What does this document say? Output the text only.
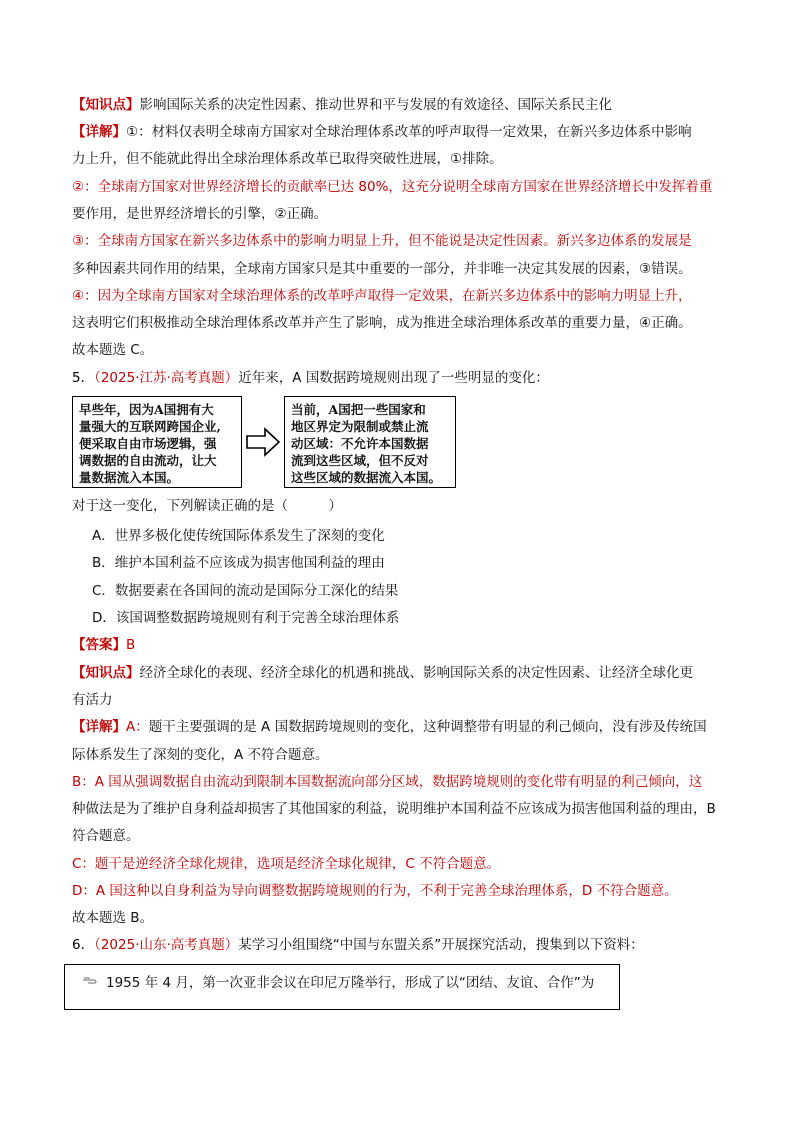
【知识点】影响国际关系的决定性因素、推动世界和平与发展的有效途径、国际关系民主化
【详解】①：材料仅表明全球南方国家对全球治理体系改革的呼声取得一定效果，在新兴多边体系中影响
力上升，但不能就此得出全球治理体系改革已取得突破性进展，①排除。
②：全球南方国家对世界经济增长的贡献率已达 80%，这充分说明全球南方国家在世界经济增长中发挥着重
要作用，是世界经济增长的引擎，②正确。
③：全球南方国家在新兴多边体系中的影响力明显上升，但不能说是决定性因素。新兴多边体系的发展是
多种因素共同作用的结果，全球南方国家只是其中重要的一部分，并非唯一决定其发展的因素，③错误。
④：因为全球南方国家对全球治理体系的改革呼声取得一定效果，在新兴多边体系中的影响力明显上升，
这表明它们积极推动全球治理体系改革并产生了影响，成为推进全球治理体系改革的重要力量，④正确。
故本题选 C。
5．（2025·江苏·高考真题）近年来，A 国数据跨境规则出现了一些明显的变化：
早些年，因为A国拥有大
量强大的互联网跨国企业,
便采取自由市场逻辑，强
调数据的自由流动，让大
量数据流入本国。
当前，A国把一些国家和
地区界定为限制或禁止流
动区域：不允许本国数据
流到这些区域，但不反对
这些区域的数据流入本国。
对于这一变化，下列解读正确的是（　　　）
A．世界多极化使传统国际体系发生了深刻的变化
B．维护本国利益不应该成为损害他国利益的理由
C．数据要素在各国间的流动是国际分工深化的结果
D．该国调整数据跨境规则有利于完善全球治理体系
【答案】B
【知识点】经济全球化的表现、经济全球化的机遇和挑战、影响国际关系的决定性因素、让经济全球化更
有活力
【详解】A：题干主要强调的是 A 国数据跨境规则的变化，这种调整带有明显的利己倾向，没有涉及传统国
际体系发生了深刻的变化，A 不符合题意。
B：A 国从强调数据自由流动到限制本国数据流向部分区域，数据跨境规则的变化带有明显的利己倾向，这
种做法是为了维护自身利益却损害了其他国家的利益，说明维护本国利益不应该成为损害他国利益的理由，B
符合题意。
C：题干是逆经济全球化规律，选项是经济全球化规律，C 不符合题意。
D：A 国这种以自身利益为导向调整数据跨境规则的行为，不利于完善全球治理体系，D 不符合题意。
故本题选 B。
6．（2025·山东·高考真题）某学习小组围绕“中国与东盟关系”开展探究活动，搜集到以下资料：
1955 年 4 月，第一次亚非会议在印尼万隆举行，形成了以“团结、友谊、合作”为
